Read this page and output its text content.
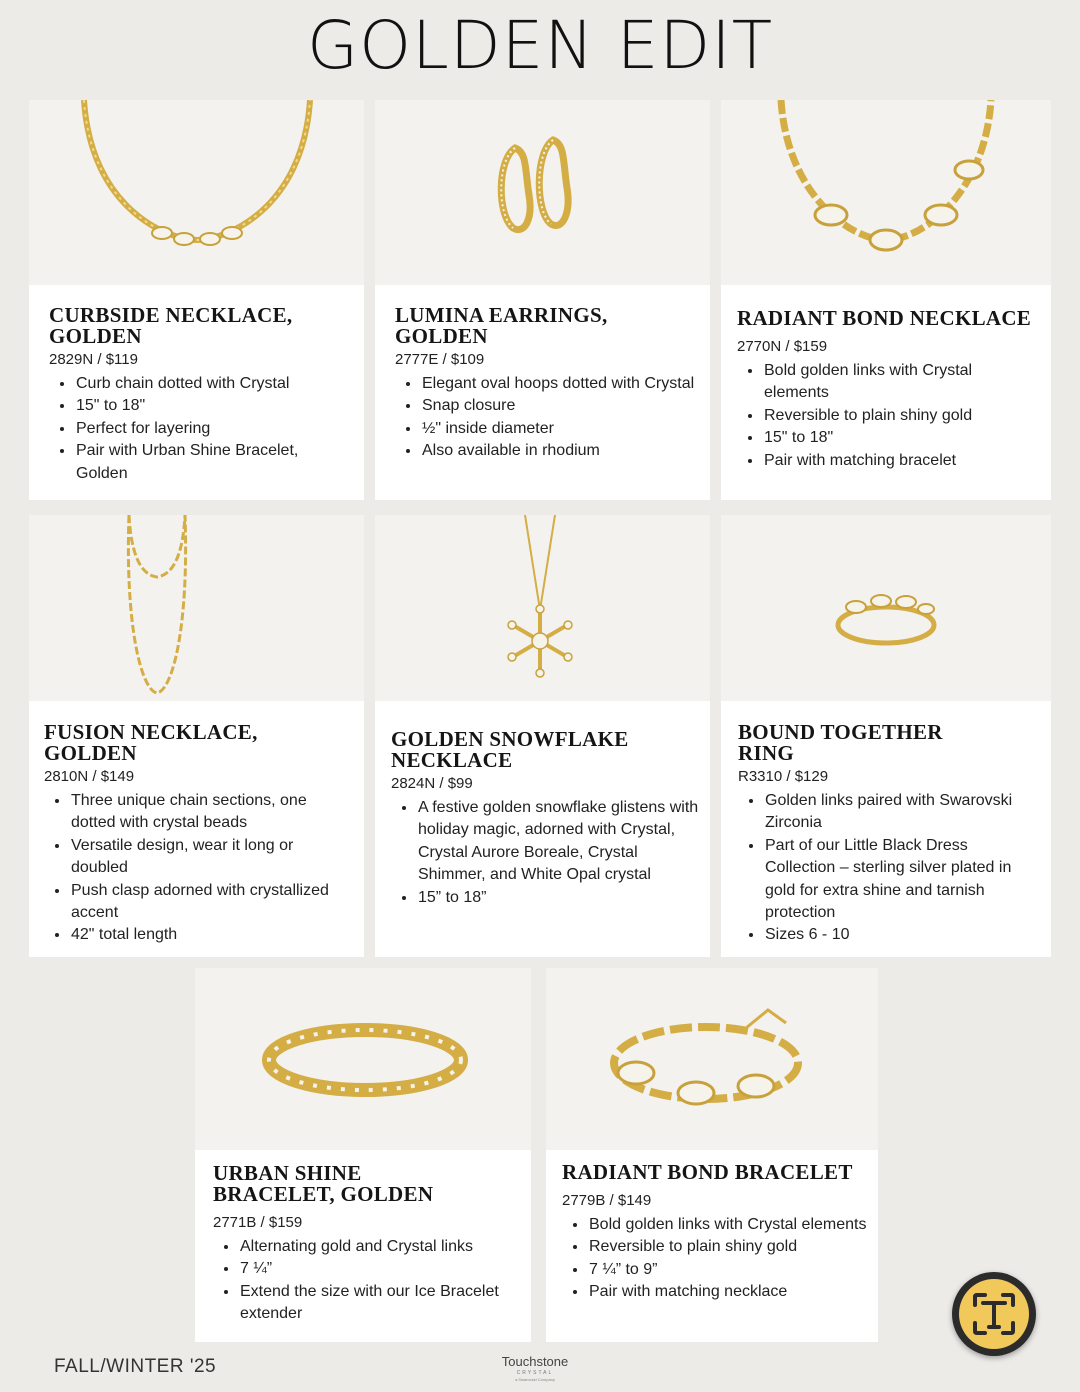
GOLDEN EDIT
CURBSIDE NECKLACE, GOLDEN
2829N / $119
• Curb chain dotted with Crystal
• 15" to 18"
• Perfect for layering
• Pair with Urban Shine Bracelet, Golden
LUMINA EARRINGS, GOLDEN
2777E / $109
• Elegant oval hoops dotted with Crystal
• Snap closure
• ½" inside diameter
• Also available in rhodium
RADIANT BOND NECKLACE
2770N / $159
• Bold golden links with Crystal elements
• Reversible to plain shiny gold
• 15" to 18"
• Pair with matching bracelet
FUSION NECKLACE, GOLDEN
2810N / $149
• Three unique chain sections, one dotted with crystal beads
• Versatile design, wear it long or doubled
• Push clasp adorned with crystallized accent
• 42" total length
GOLDEN SNOWFLAKE NECKLACE
2824N / $99
• A festive golden snowflake glistens with holiday magic, adorned with Crystal, Crystal Aurore Boreale, Crystal Shimmer, and White Opal crystal
• 15” to 18”
BOUND TOGETHER RING
R3310 / $129
• Golden links paired with Swarovski Zirconia
• Part of our Little Black Dress Collection – sterling silver plated in gold for extra shine and tarnish protection
• Sizes 6 - 10
URBAN SHINE BRACELET, GOLDEN
2771B / $159
• Alternating gold and Crystal links
• 7 ¼”
• Extend the size with our Ice Bracelet extender
RADIANT BOND BRACELET
2779B / $149
• Bold golden links with Crystal elements
• Reversible to plain shiny gold
• 7 ¼” to 9”
• Pair with matching necklace
FALL/WINTER '25	Touchstone
CRYSTAL
a Swarovski Company
